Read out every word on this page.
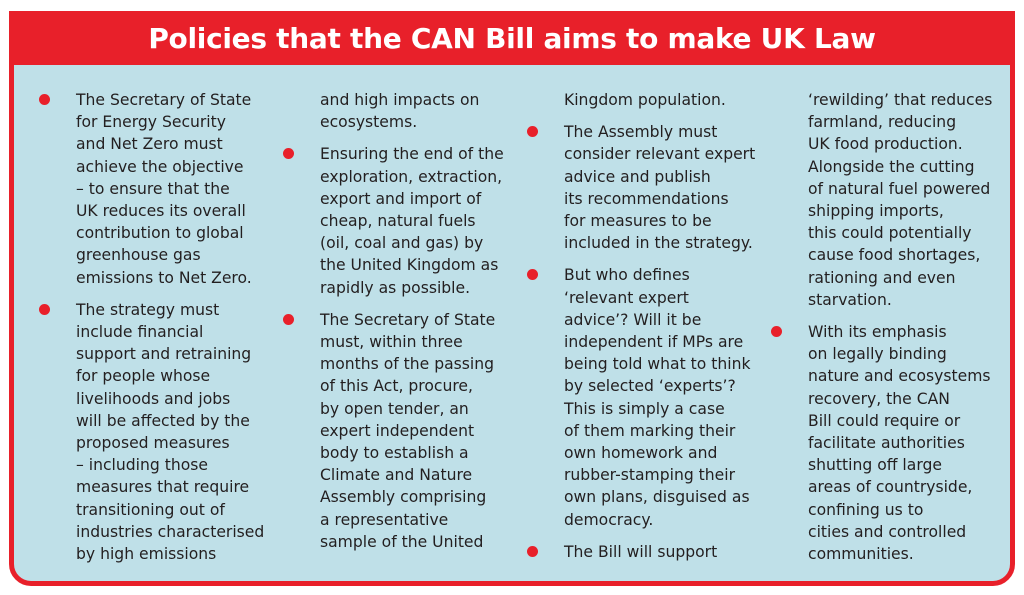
Policies that the CAN Bill aims to make UK Law
The Secretary of State
for Energy Security
and Net Zero must
achieve the objective
– to ensure that the
UK reduces its overall
contribution to global
greenhouse gas
emissions to Net Zero.
The strategy must
include financial
support and retraining
for people whose
livelihoods and jobs
will be affected by the
proposed measures
– including those
measures that require
transitioning out of
industries characterised
by high emissions
and high impacts on
ecosystems.
Ensuring the end of the
exploration, extraction,
export and import of
cheap, natural fuels
(oil, coal and gas) by
the United Kingdom as
rapidly as possible.
The Secretary of State
must, within three
months of the passing
of this Act, procure,
by open tender, an
expert independent
body to establish a
Climate and Nature
Assembly comprising
a representative
sample of the United
Kingdom population.
The Assembly must
consider relevant expert
advice and publish
its recommendations
for measures to be
included in the strategy.
But who defines
‘relevant expert
advice’? Will it be
independent if MPs are
being told what to think
by selected ‘experts’?
This is simply a case
of them marking their
own homework and
rubber-stamping their
own plans, disguised as
democracy.
The Bill will support
‘rewilding’ that reduces
farmland, reducing
UK food production.
Alongside the cutting
of natural fuel powered
shipping imports,
this could potentially
cause food shortages,
rationing and even
starvation.
With its emphasis
on legally binding
nature and ecosystems
recovery, the CAN
Bill could require or
facilitate authorities
shutting off large
areas of countryside,
confining us to
cities and controlled
communities.
